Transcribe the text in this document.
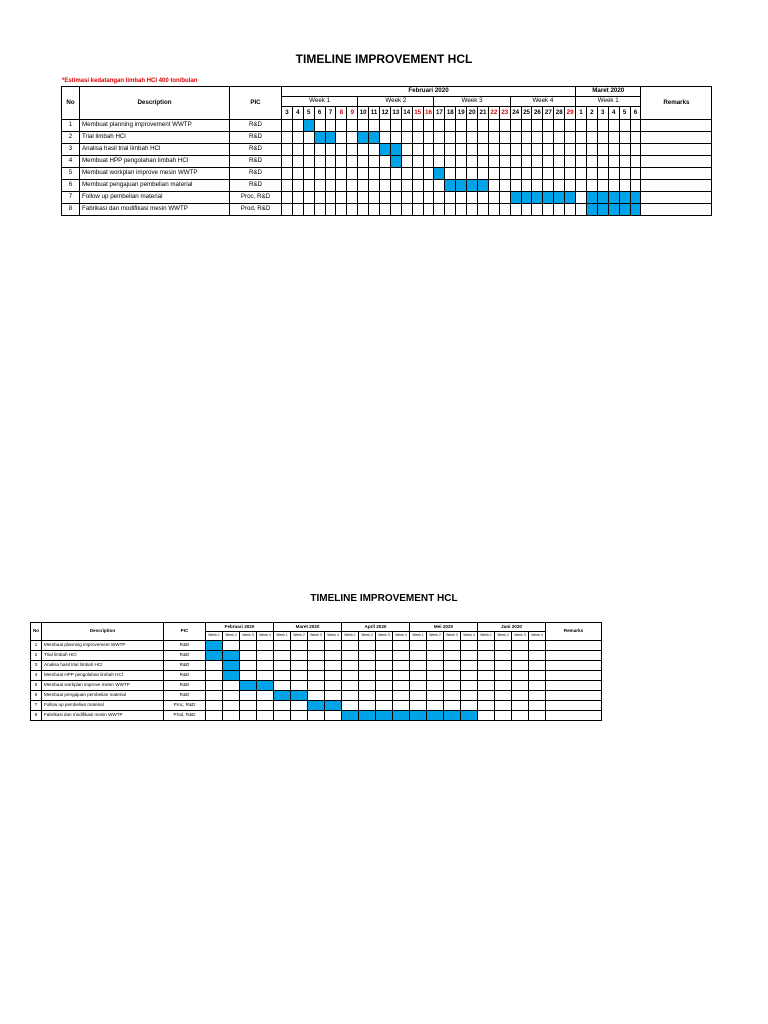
TIMELINE IMPROVEMENT HCL
*Estimasi kedatangan limbah HCl 400 ton/bulan
No	Description	PIC	Februari 2020																											Maret 2020						Remarks
			Week 1							Week 2							Week 3							Week 4						Week 1						
			3	4	5	6	7	8	9	10	11	12	13	14	15	16	17	18	19	20	21	22	23	24	25	26	27	28	29	1	2	3	4	5	6	
1	Membuat planning improvement WWTP	R&D																																		
2	Trial limbah HCl	R&D																																		
3	Analisa hasil trial limbah HCl	R&D																																		
4	Membuat HPP pengolahan limbah HCl	R&D																																		
5	Membuat workplan improve mesin WWTP	R&D																																		
6	Membuat pengajuan pembelian material	R&D																																		
7	Follow up pembelian material	Proc, R&D																																		
8	Fabrikasi dan modifikasi mesin WWTP	Prod, R&D																																		
TIMELINE IMPROVEMENT HCL
No	Description	PIC	Februari 2020				Maret 2020				April 2020				Mei 2020				Juni 2020				Remarks
			Week 1	Week 2	Week 3	Week 4	Week 1	Week 2	Week 3	Week 4	Week 1	Week 2	Week 3	Week 4	Week 1	Week 2	Week 3	Week 4	Week 1	Week 2	Week 3	Week 4	
1	Membuat planning improvement WWTP	R&D																					
2	Trial limbah HCl	R&D																					
3	Analisa hasil trial limbah HCl	R&D																					
4	Membuat HPP pengolahan limbah HCl	R&D																					
5	Membuat workplan improve mesin WWTP	R&D																					
6	Membuat pengajuan pembelian material	R&D																					
7	Follow up pembelian material	Proc, R&D																					
8	Fabrikasi dan modifikasi mesin WWTP	Prod, R&D																					
